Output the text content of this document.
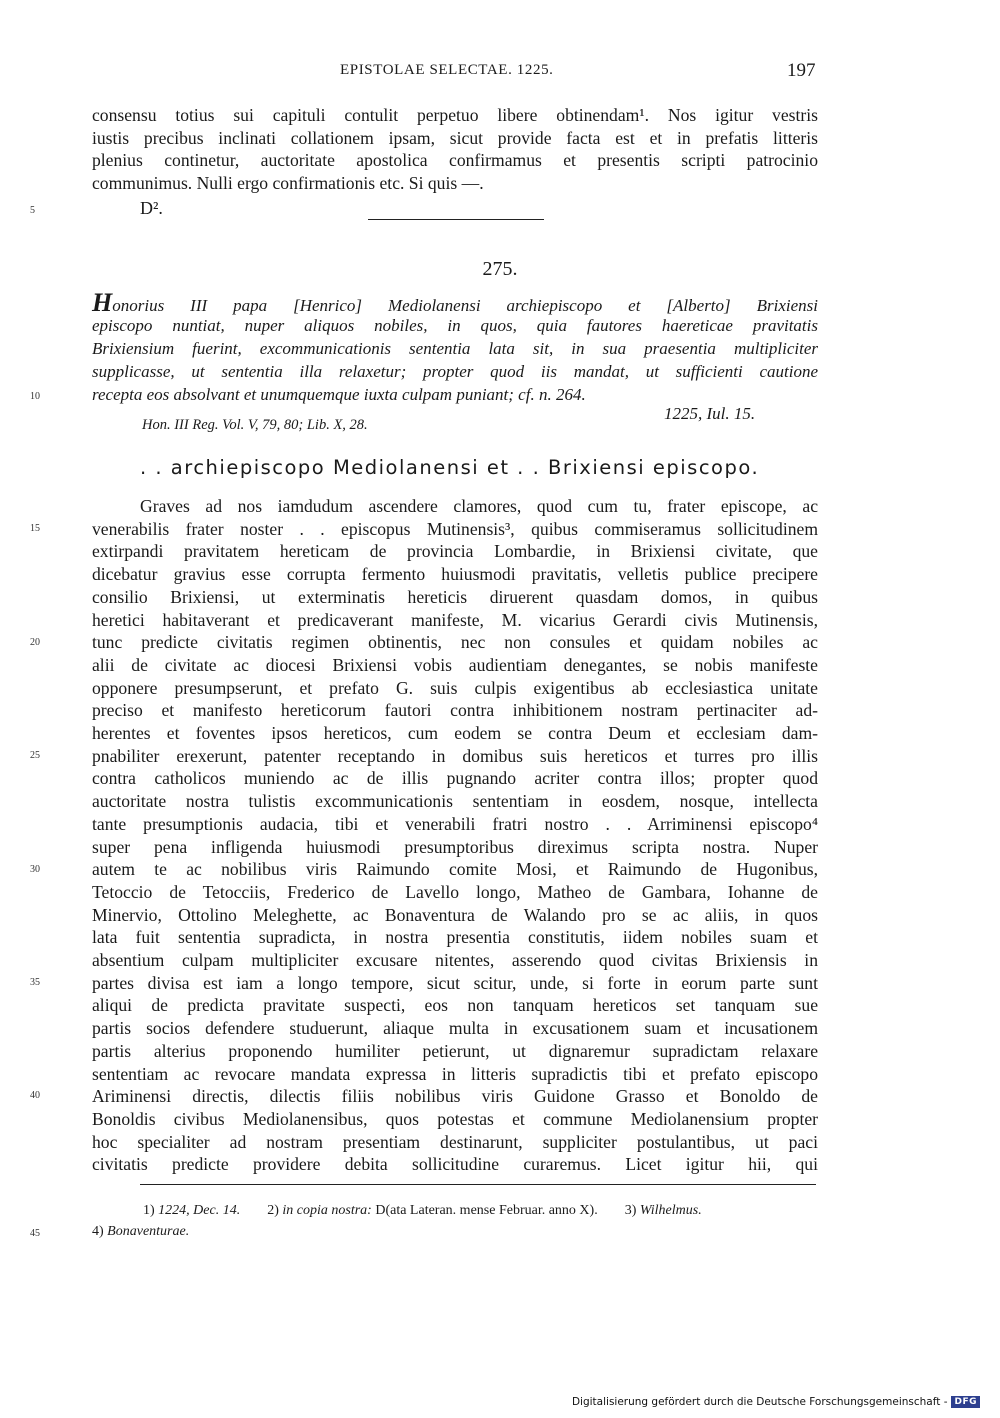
EPISTOLAE SELECTAE. 1225.	197
consensu totius sui capituli contulit perpetuo libere obtinendam¹. Nos igitur vestris
iustis precibus inclinati collationem ipsam, sicut provide facta est et in prefatis litteris
plenius continetur, auctoritate apostolica confirmamus et presentis scripti patrocinio
communimus. Nulli ergo confirmationis etc. Si quis —.
D².
5
275.
Honorius III papa [Henrico] Mediolanensi archiepiscopo et [Alberto] Brixiensi
episcopo nuntiat, nuper aliquos nobiles, in quos, quia fautores haereticae pravitatis
Brixiensium fuerint, excommunicationis sententia lata sit, in sua praesentia multipliciter
supplicasse, ut sententia illa relaxetur; propter quod iis mandat, ut sufficienti cautione
recepta eos absolvant et unumquemque iuxta culpam puniant; cf. n. 264.
10
1225, Iul. 15.
Hon. III Reg. Vol. V, 79, 80; Lib. X, 28.
. . archiepiscopo Mediolanensi et . . Brixiensi episcopo.
Graves ad nos iamdudum ascendere clamores, quod cum tu, frater episcope, ac
venerabilis frater noster . . episcopus Mutinensis³, quibus commiseramus sollicitudinem
extirpandi pravitatem hereticam de provincia Lombardie, in Brixiensi civitate, que
dicebatur gravius esse corrupta fermento huiusmodi pravitatis, velletis publice precipere
consilio Brixiensi, ut exterminatis hereticis diruerent quasdam domos, in quibus
heretici habitaverant et predicaverant manifeste, M. vicarius Gerardi civis Mutinensis,
tunc predicte civitatis regimen obtinentis, nec non consules et quidam nobiles ac
alii de civitate ac diocesi Brixiensi vobis audientiam denegantes, se nobis manifeste
opponere presumpserunt, et prefato G. suis culpis exigentibus ab ecclesiastica unitate
preciso et manifesto hereticorum fautori contra inhibitionem nostram pertinaciter ad-
herentes et foventes ipsos hereticos, cum eodem se contra Deum et ecclesiam dam-
pnabiliter erexerunt, patenter receptando in domibus suis hereticos et turres pro illis
contra catholicos muniendo ac de illis pugnando acriter contra illos; propter quod
auctoritate nostra tulistis excommunicationis sententiam in eosdem, nosque, intellecta
tante presumptionis audacia, tibi et venerabili fratri nostro . . Arriminensi episcopo⁴
super pena infligenda huiusmodi presumptoribus direximus scripta nostra. Nuper
autem te ac nobilibus viris Raimundo comite Mosi, et Raimundo de Hugonibus,
Tetoccio de Tetocciis, Frederico de Lavello longo, Matheo de Gambara, Iohanne de
Minervio, Ottolino Meleghette, ac Bonaventura de Walando pro se ac aliis, in quos
lata fuit sententia supradicta, in nostra presentia constitutis, iidem nobiles suam et
absentium culpam multipliciter excusare nitentes, asserendo quod civitas Brixiensis in
partes divisa est iam a longo tempore, sicut scitur, unde, si forte in eorum parte sunt
aliqui de predicta pravitate suspecti, eos non tanquam hereticos set tanquam sue
partis socios defendere studuerunt, aliaque multa in excusationem suam et incusationem
partis alterius proponendo humiliter petierunt, ut dignaremur supradictam relaxare
sententiam ac revocare mandata expressa in litteris supradictis tibi et prefato episcopo
Ariminensi directis, dilectis filiis nobilibus viris Guidone Grasso et Bonoldo de
Bonoldis civibus Mediolanensibus, quos potestas et commune Mediolanensium propter
hoc specialiter ad nostram presentiam destinarunt, suppliciter postulantibus, ut paci
civitatis predicte providere debita sollicitudine curaremus. Licet igitur hii, qui
15
20
25
30
35
40
1) 1224, Dec. 14. 2) in copia nostra: D(ata Lateran. mense Februar. anno X). 3) Wilhelmus.
4) Bonaventurae.
45
Digitalisierung gefördert durch die Deutsche Forschungsgemeinschaft - DFG
